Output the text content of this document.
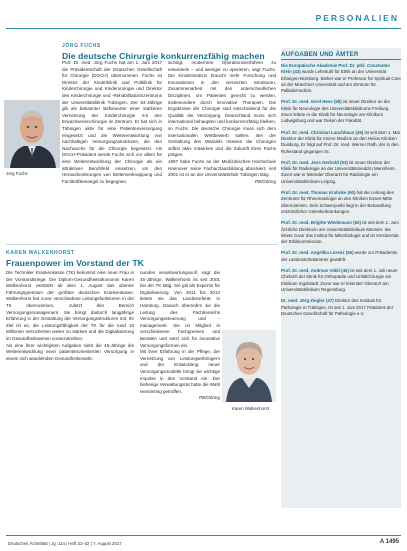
PERSONALIEN
JÖRG FUCHS
Die deutsche Chirurgie konkurrenzfähig machen
Jörg Fuchs

Prof. Dr. med. Jörg Fuchs hat am 1. Juni 2017 die Präsidentschaft der Deutschen Gesellschaft für Chirurgie (DGCH) übernommen. Fuchs ist Direktor der Kinderklinik und Poliklinik für Kinderchirurgie und Kinderurologie und Direktor des Kinderchirurgie und -Rehabilitationszentrums der Universitätsklinik Tübingen. Der 54-Jährige gilt als bekannter Befürworter einer stärkeren Vernetzung der Kinderchirurgie mit den Erwachsenenchirurgie im Zentrum. Er hat sich in Tübingen aktiv für eine Patientenversorgung eingesetzt und die Weiterentwicklung von nachhaltigen Versorgungsstrukturen, die den Nachwuchs für die Chirurgie begeistert. Als DGCH-Präsident werde Fuchs sich vor allem für eine Weiterentwicklung der Chirurgie als ein attraktives Berufsfeld einsetzen, um den Herausforderungen von Bettenverknappung und Fachkräftemangel zu begegnen.

sichtigt, modernere Operationsverfahren zu entwickeln – und weniger zu operieren, sagt Fuchs. Die Kindermedizin braucht mehr Forschung und Innovationen in den vernetzten Strukturen, Zusammenarbeit mit den unterschiedlichen Disziplinen, um Patienten gerecht zu werden, insbesondere durch innovative Therapien. Die Ergebnisse der Chirurgie sind entscheidend für die Qualität der Versorgung. Deutschland muss sich international behaupten und konkurrenzfähig bleiben, so Fuchs. Die deutsche Chirurgie muss sich dem internationalen Wettbewerb stellen. Bei der Gestaltung des Wandels müssen die Chirurgen selbst aktiv mitwirken und die Zukunft ihres Fachs prägen.

1997 habe Fuchs an der Medizinischen Hochschule Hannover seine Facharztausbildung absolviert, seit 2001 ist er an der Universitätsklinik Tübingen tätig.

PB/Göring

KAREN WALKENHORST
Frauenpower im Vorstand der TK

Die Techniker Krankenkasse (TK) bekommt eine neue Frau in der Vorstandsriege. Die Diplom-Gesundheitsökonomin Karen Walkenhorst verstärkt ab dem 1. August das oberste Führungsgremium der größten deutschen Krankenkasse. Walkenhorst hat zuvor verschiedene Leitungsfunktionen in der TK übernommen, zuletzt den Bereich Versorgungsmanagement. Sie bringt dadurch langjährige Erfahrung in der Gestaltung der Versorgungsstrukturen mit. Ihr Ziel ist es, die Leistungsfähigkeit der TK für die rund 10 Millionen Versicherten weiter zu stärken und die Digitalisierung im Gesundheitswesen voranzutreiben.

Als eine ihrer wichtigsten Aufgaben sieht die 45-Jährige die Weiterentwicklung einer patientenorientierten Versorgung in einem sich wandelnden Gesundheitsmarkt.

nunden verantwortungsvoll, sagt die 45-Jährige. Walkenhorst ist seit 2001 bei der TK tätig. Sie gilt als Expertin für Digitalisierung. Von 2011 bis 2014 leitete sie das Landesreferat in Hamburg. Danach übernahm sie die Leitung des Fachbereichs Versorgungssteuerung und -management. Sie ist Mitglied in verschiedenen Fachgremien und Beiräten und setzt sich für innovative Versorgungsformen ein.

Mit ihrer Erfahrung in der Pflege, der Vernetzung von Leistungserbringern und der Entwicklung neuer Versorgungsmodelle bringt sie wichtige Impulse in den Vorstand ein. Der bisherige Verwaltungsrat hatte die Wahl einstimmig getroffen.

PB/Göring

Karen Walkenhorst
AUFGABEN UND ÄMTER
Die Europäische Akademie Prof. Dr. phil. Constantin Klein (43) wurde Lehrstuhl für Ethik an der Universität Erlangen-Nürnberg. Bisher war er Professor für Spiritual Care an der Münchner Universität und am Zentrum für Palliativmedizin.
Prof. Dr. med. Gerd Hess (58) ist neuer Direktor an der Klinik für Neurologie des Universitätsklinikums Freiburg. Zuvor leitete er die Klinik für Neurologie am Klinikum Ludwigsburg und war Dekan der Fakultät.
Prof. Dr. med. Christian Lauchhaus (45) ist seit dem 1. Mai Direktor der Klinik für Innere Medizin an den Helios Kliniken Duisburg. Er folgt auf Prof. Dr. med. Werner Rath, der in den Ruhestand gegangen ist.
Prof. Dr. med. Jens Gerhold (53) ist neuer Direktor der Klinik für Radiologie an der Universitätsmedizin Mannheim. Zuvor war er leitender Oberarzt für Radiologie am Universitätsklinikum Leipzig.
Prof. Dr. med. Thomas Krahnke (60) hat die Leitung des Zentrums für Rheumatologie an den Kliniken Essen-Mitte übernommen. Sein Schwerpunkt liegt in der Behandlung entzündlicher Gelenkerkrankungen.
Prof. Dr. med. Brigitte Wiedemann (60) ist seit dem 1. Juni Ärztliche Direktorin am Universitätsklinikum Münster. Sie leitete zuvor das Institut für Mikrobiologie und ist Vorsitzende der Ethikkommission.
Prof. Dr. med. Angelika Lorenz (55) wurde zur Präsidentin der Landesärztekammer gewählt.
Prof. Dr. med. Andreas Völkl (45) ist seit dem 1. Juli neuer Chefarzt der Klinik für Orthopädie und Unfallchirurgie am Klinikum Ingolstadt. Zuvor war er leitender Oberarzt am Universitätsklinikum Regensburg.
Dr. med. Jörg Ziegler (47) Direktor des Instituts für Pathologie in Tübingen, ist seit 1. Juni 2017 Präsident der Deutschen Gesellschaft für Pathologie e.V.
Deutsches Ärzteblatt | Jg. 114 | Heft 31–32 | 7. August 2017	A 1495
